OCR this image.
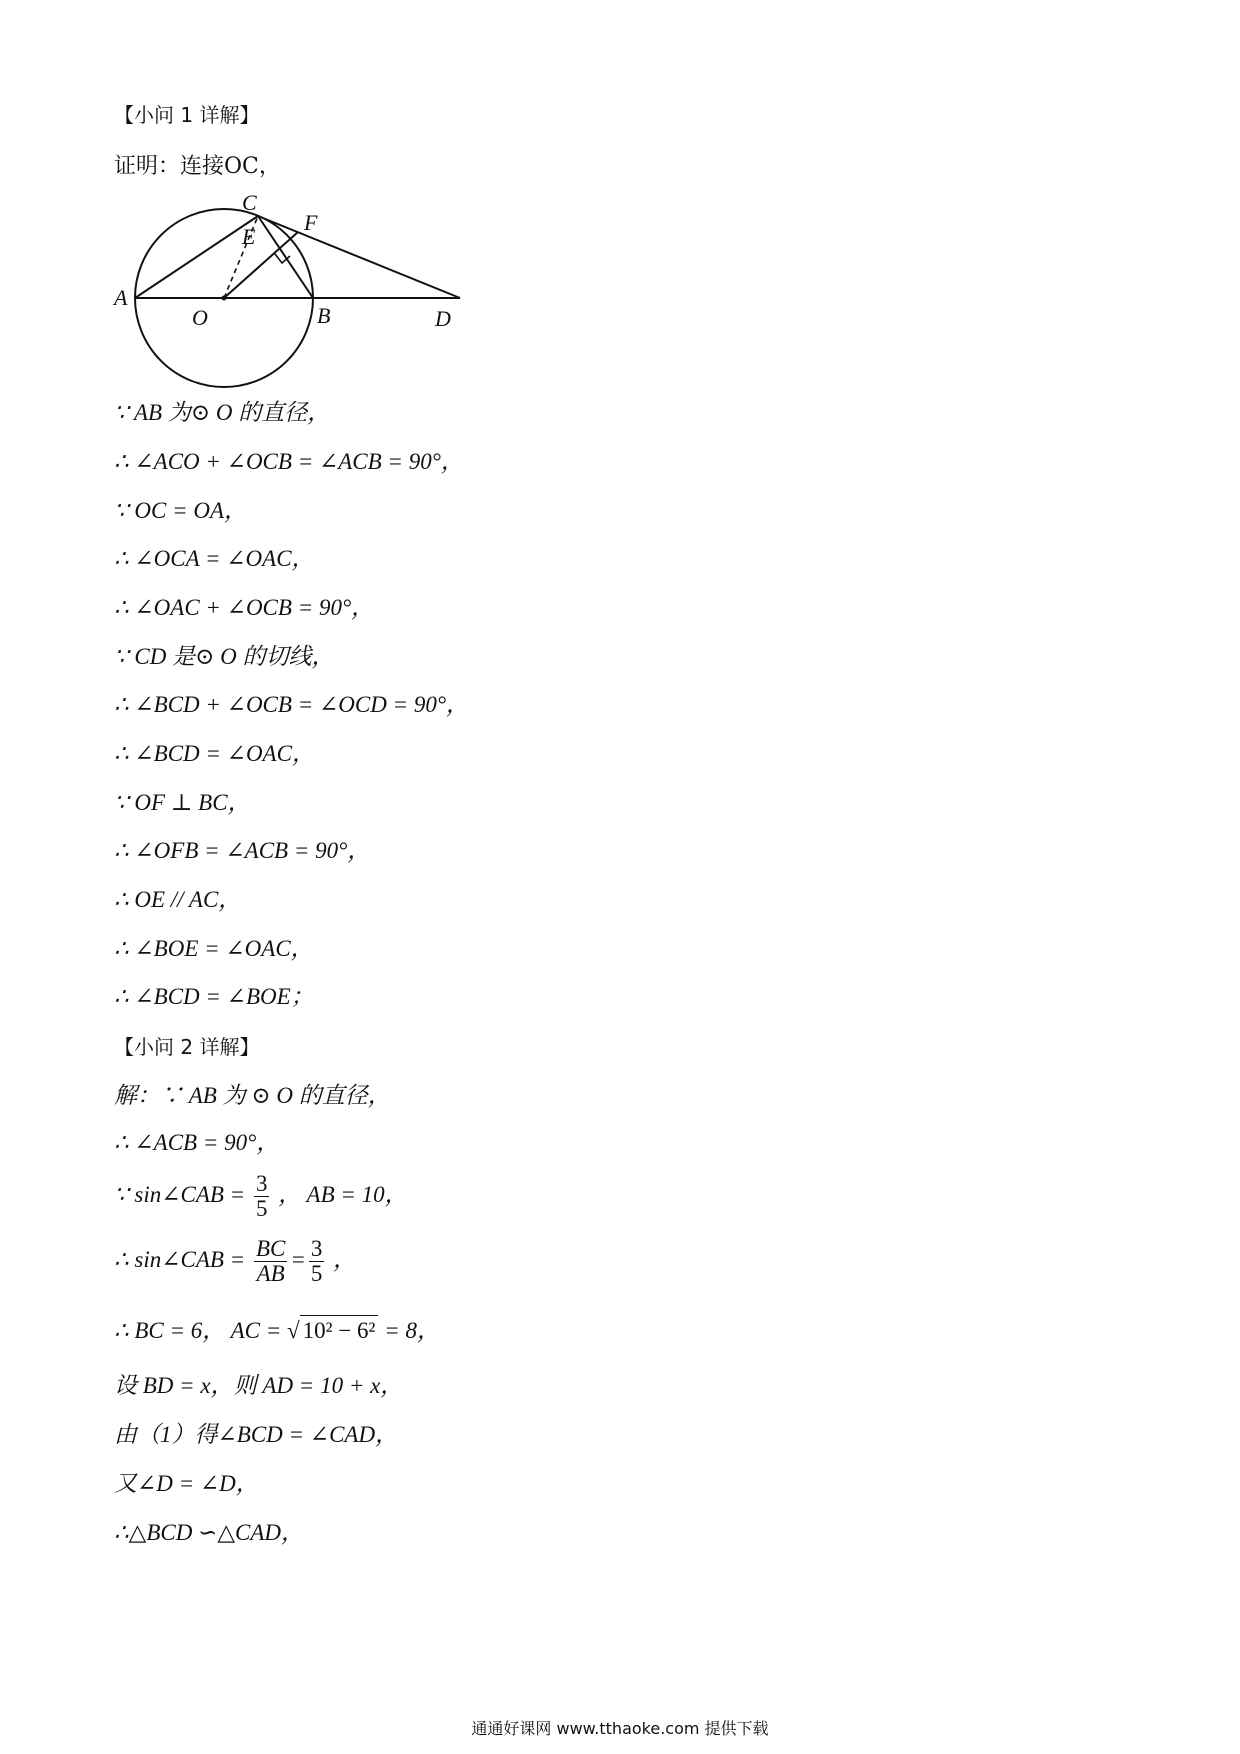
【小问 1 详解】
证明：连接OC，
A
O	B
C
D
E
F
∵ AB 为⊙ O 的直径，
∴ ∠ACO + ∠OCB = ∠ACB = 90°，
∵ OC = OA，
∴ ∠OCA = ∠OAC，
∴ ∠OAC + ∠OCB = 90°，
∵ CD 是⊙ O 的切线，
∴ ∠BCD + ∠OCB = ∠OCD = 90°，
∴ ∠BCD = ∠OAC，
∵ OF ⊥ BC，
∴ ∠OFB = ∠ACB = 90°，
∴ OE // AC，
∴ ∠BOE = ∠OAC，
∴ ∠BCD = ∠BOE；
【小问 2 详解】
解：∵ AB 为 ⊙ O 的直径，
∴ ∠ACB = 90°，
∵ sin∠CAB = $\frac{3}{5}$ ， AB = 10，
∴ sin∠CAB = $\frac{BC}{AB} = \frac{3}{5}$ ，
∴ BC = 6， AC = √ 10² − 6² = 8，
设 BD = x，则 AD = 10 + x，
由（1）得∠BCD = ∠CAD，
又∠D = ∠D，
∴△BCD ∽△CAD，
通通好课网 www.tthaoke.com 提供下载
